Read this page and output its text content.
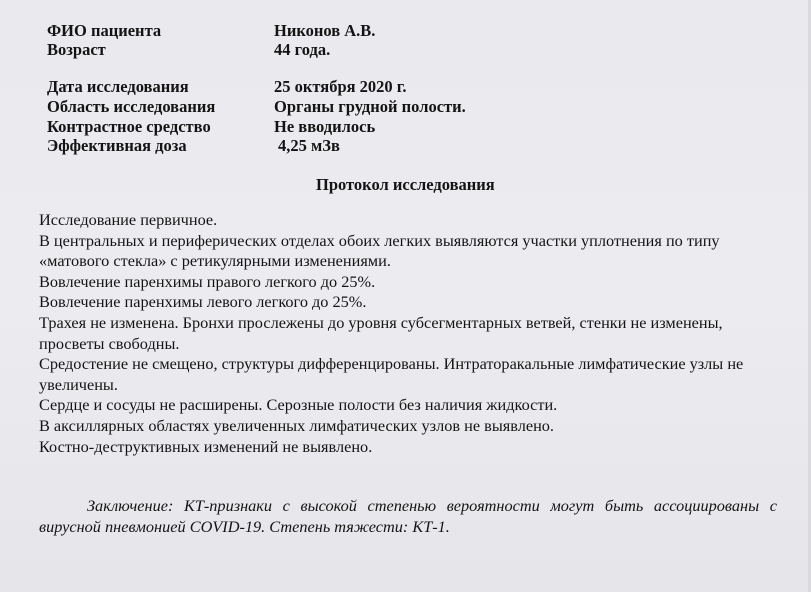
ФИО пациента	Никонов А.В.
Возраст	44 года.
Дата исследования	25 октября 2020 г.
Область исследования	Органы грудной полости.
Контрастное средство	Не вводилось
Эффективная доза	4,25 мЗв
Протокол исследования
Исследование первичное.
В центральных и периферических отделах обоих легких выявляются участки уплотнения по типу
«матового стекла» с ретикулярными изменениями.
Вовлечение паренхимы правого легкого до 25%.
Вовлечение паренхимы левого легкого до 25%.
Трахея не изменена. Бронхи прослежены до уровня субсегментарных ветвей, стенки не изменены,
просветы свободны.
Средостение не смещено, структуры дифференцированы. Интраторакальные лимфатические узлы не
увеличены.
Сердце и сосуды не расширены. Серозные полости без наличия жидкости.
В аксиллярных областях увеличенных лимфатических узлов не выявлено.
Костно-деструктивных изменений не выявлено.
Заключение: КТ-признаки с высокой степенью вероятности могут быть ассоциированы с
вирусной пневмонией COVID-19. Степень тяжести: КТ-1.
